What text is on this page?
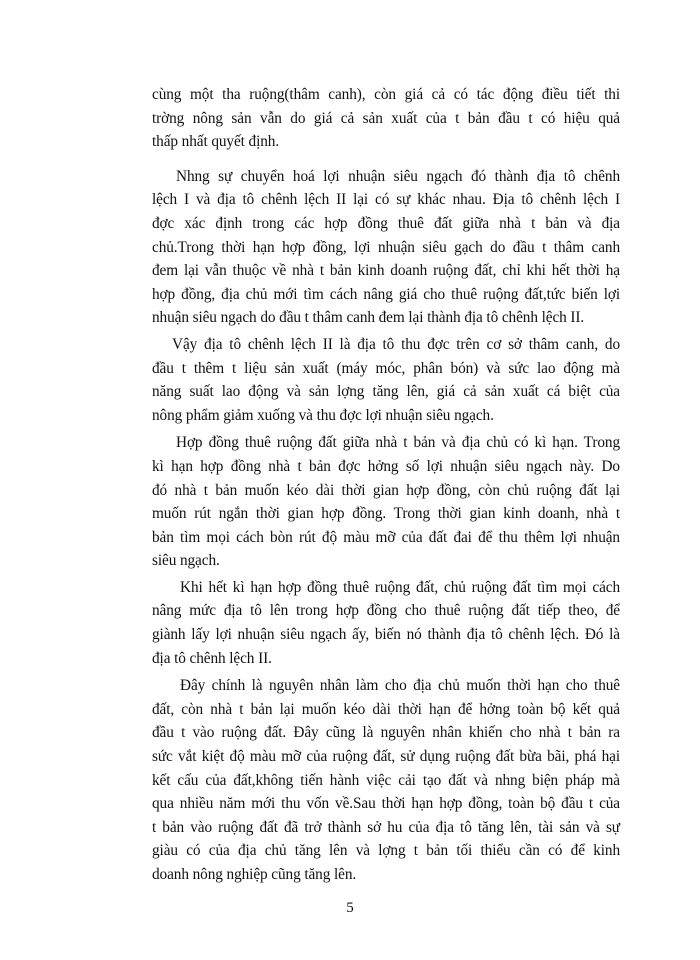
cùng một tha ruộng(thâm canh), còn giá cả có tác động điều tiết thi
trờng nông sản vẫn do giá cả sản xuất của t bản đầu t có hiệu quả
thấp nhất quyết định.

Nhng sự chuyển hoá lợi nhuận siêu ngạch đó thành địa tô chênh
lệch I và địa tô chênh lệch II lại có sự khác nhau. Địa tô chênh lệch I
đợc xác định trong các hợp đồng thuê đất giữa nhà t bản và địa
chủ.Trong thời hạn hợp đồng, lợi nhuận siêu gạch do đầu t thâm canh
đem lại vẫn thuộc về nhà t bản kinh doanh ruộng đất, chỉ khi hết thời hạ
hợp đồng, địa chủ mới tìm cách nâng giá cho thuê ruộng đất,tức biến lợi
nhuận siêu ngạch do đầu t thâm canh đem lại thành địa tô chênh lệch II.

Vậy địa tô chênh lệch II là địa tô thu đợc trên cơ sở thâm canh, do
đầu t thêm t liệu sản xuất (máy móc, phân bón) và sức lao động mà
năng suất lao động và sản lợng tăng lên, giá cả sản xuất cá biệt của
nông phẩm giảm xuống và thu đợc lợi nhuận siêu ngạch.

Hợp đồng thuê ruộng đất giữa nhà t bản và địa chủ có kì hạn. Trong
kì hạn hợp đồng nhà t bản đợc hởng số lợi nhuận siêu ngạch này. Do
đó nhà t bản muốn kéo dài thời gian hợp đồng, còn chủ ruộng đất lại
muốn rút ngắn thời gian hợp đồng. Trong thời gian kinh doanh, nhà t
bản tìm mọi cách bòn rút độ màu mỡ của đất đai để thu thêm lợi nhuận
siêu ngạch.

Khi hết kì hạn hợp đồng thuê ruộng đất, chủ ruộng đất tìm mọi cách
nâng mức địa tô lên trong hợp đồng cho thuê ruộng đất tiếp theo, để
giành lấy lợi nhuận siêu ngạch ấy, biến nó thành địa tô chênh lệch. Đó là
địa tô chênh lệch II.

Đây chính là nguyên nhân làm cho địa chủ muốn thời hạn cho thuê
đất, còn nhà t bản lại muốn kéo dài thời hạn để hởng toàn bộ kết quả
đầu t vào ruộng đất. Đây cũng là nguyên nhân khiến cho nhà t bản ra
sức vắt kiệt độ màu mỡ của ruộng đất, sử dụng ruộng đất bừa bãi, phá hại
kết cấu của đất,không tiến hành việc cải tạo đất và nhng biện pháp mà
qua nhiều năm mới thu vốn về.Sau thời hạn hợp đồng, toàn bộ đầu t của
t bản vào ruộng đất đã trở thành sở hu của địa tô tăng lên, tài sản và sự
giàu có của địa chủ tăng lên và lợng t bản tối thiểu cần có để kinh
doanh nông nghiệp cũng tăng lên.

5
